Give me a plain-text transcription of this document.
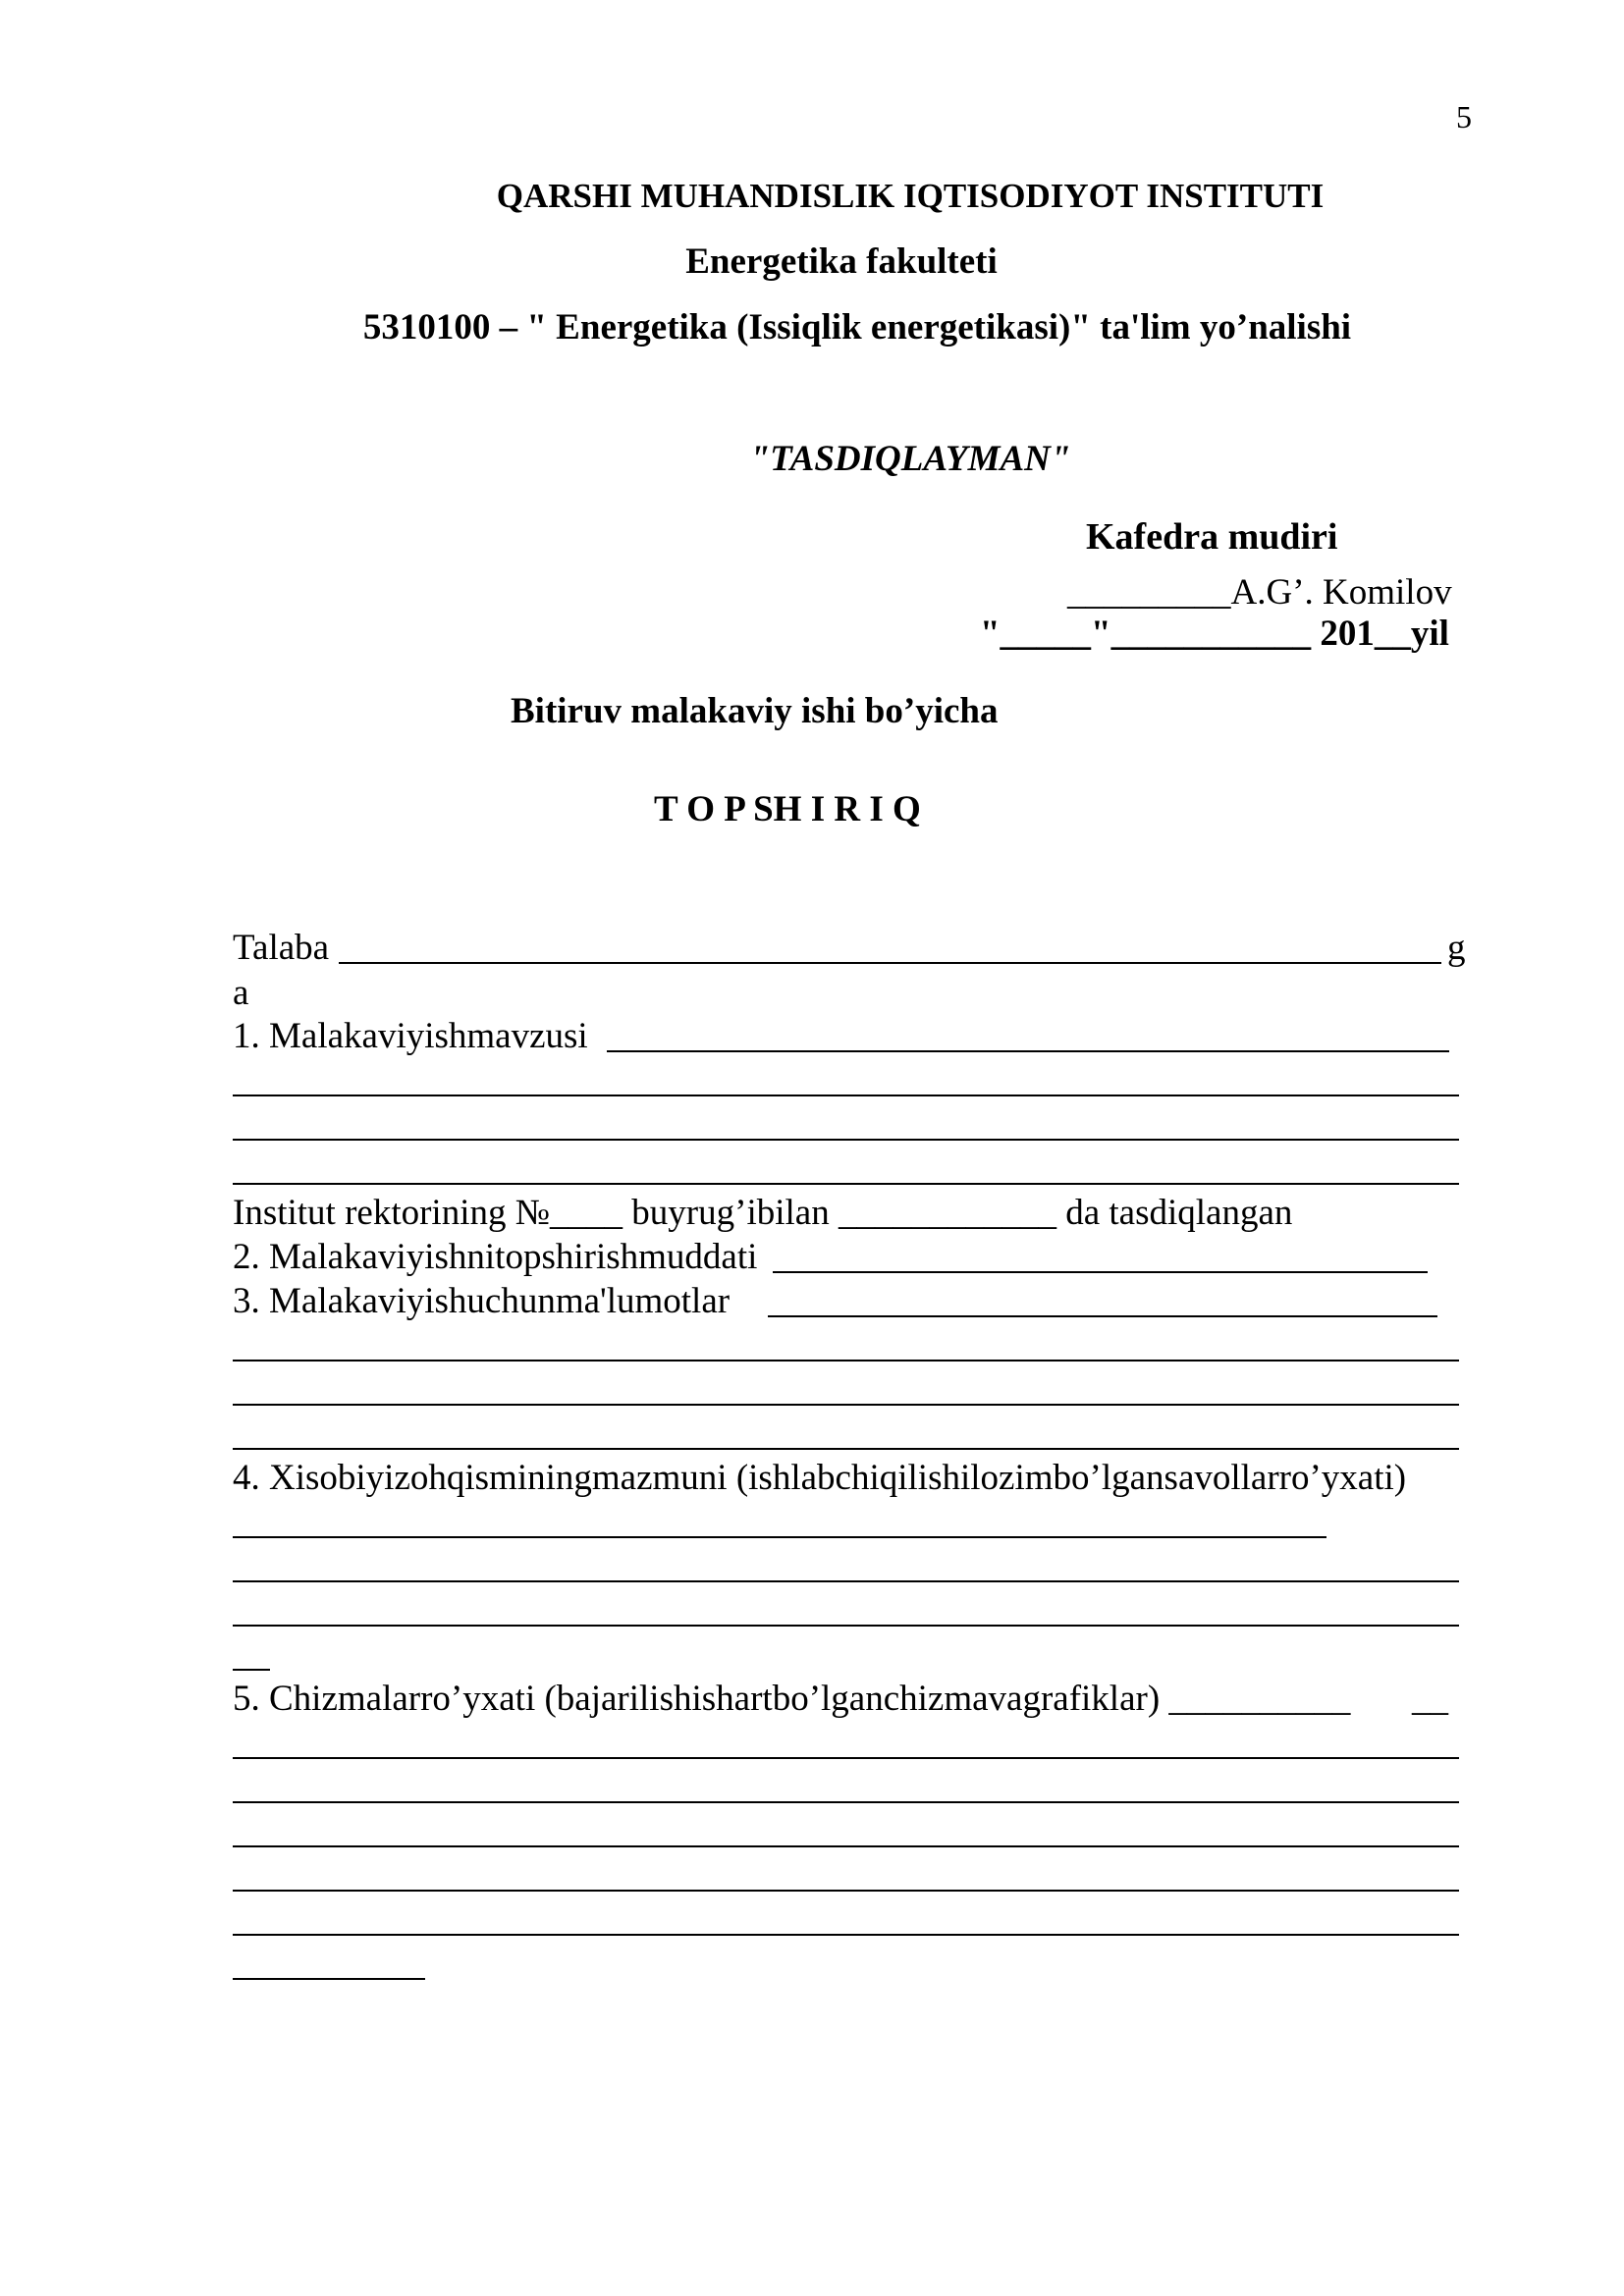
5
QARSHI MUHANDISLIK IQTISODIYOT INSTITUTI
Energetika fakulteti
5310100 – " Energetika (Issiqlik energetikasi)" ta'lim yo’nalishi
"TASDIQLAYMAN"
Kafedra mudiri
_________A.G’. Komilov
"_____"___________ 201__yil
Bitiruv malakaviy ishi bo’yicha
T O P SH I R I Q
Talaba	g
a
1. Malakaviyishmavzusi
Institut rektorining №____ buyrug’ibilan ____________ da tasdiqlangan
2. Malakaviyishnitopshirishmuddati
3. Malakaviyishuchunma'lumotlar
4. Xisobiyizohqismi​ningmazmuni (ishlabchiqilishilozimbo’lgansavollarro’yxati)
5. Chizmalarro’yxati (bajarilishishartbo’lganchizmavagrafiklar) __________ __
